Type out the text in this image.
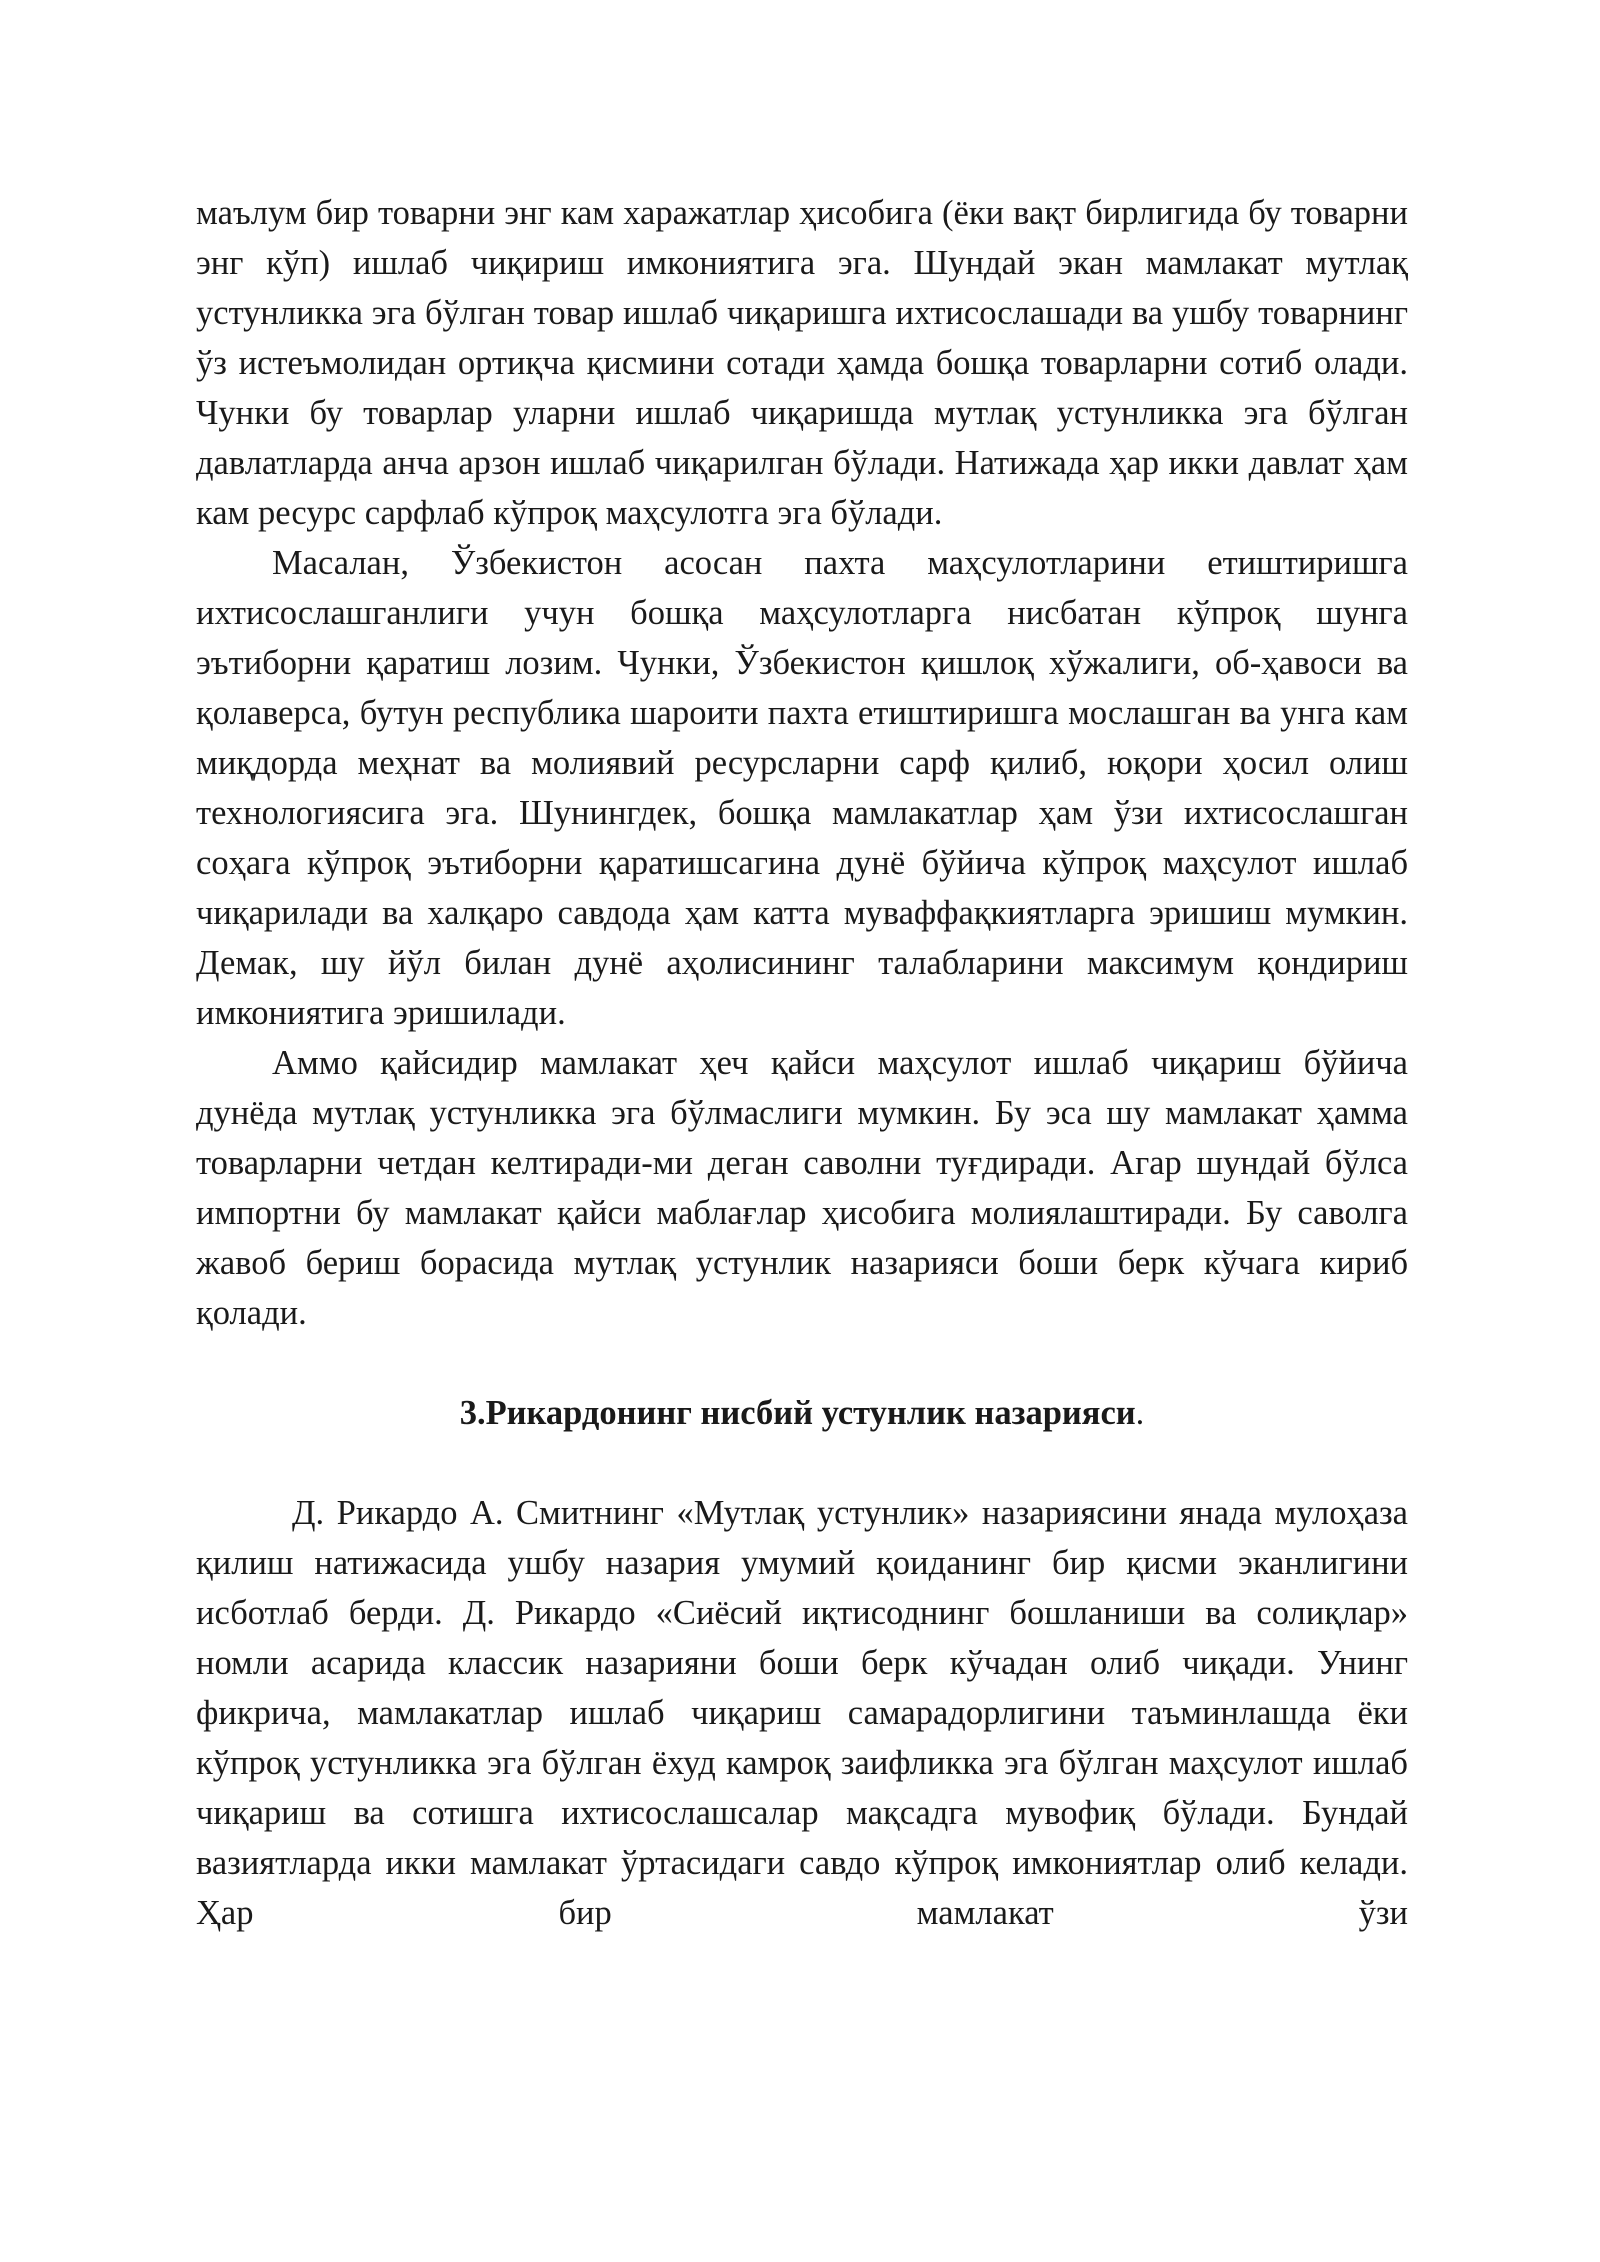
маълум бир товарни энг кам харажатлар ҳисобига (ёки вақт бирлигида бу товарни энг кўп) ишлаб чиқириш имкониятига эга. Шундай экан мамлакат мутлақ устунликка эга бўлган товар ишлаб чиқаришга ихтисослашади ва ушбу товарнинг ўз истеъмолидан ортиқча қисмини сотади ҳамда бошқа товарларни сотиб олади. Чунки бу товарлар уларни ишлаб чиқаришда мутлақ устунликка эга бўлган давлатларда анча арзон ишлаб чиқарилган бўлади. Натижада ҳар икки давлат ҳам кам ресурс сарфлаб кўпроқ маҳсулотга эга бўлади.

Масалан, Ўзбекистон асосан пахта маҳсулотларини етиштиришга ихтисослашганлиги учун бошқа маҳсулотларга нисбатан кўпроқ шунга эътиборни қаратиш лозим. Чунки, Ўзбекистон қишлоқ хўжалиги, об-ҳавоси ва қолаверса, бутун республика шароити пахта етиштиришга мослашган ва унга кам миқдорда меҳнат ва молиявий ресурсларни сарф қилиб, юқори ҳосил олиш технологиясига эга. Шунингдек, бошқа мамлакатлар ҳам ўзи ихтисослашган соҳага кўпроқ эътиборни қаратишсагина дунё бўйича кўпроқ маҳсулот ишлаб чиқарилади ва халқаро савдода ҳам катта муваффақкиятларга эришиш мумкин. Демак, шу йўл билан дунё аҳолисининг талабларини максимум қондириш имкониятига эришилади.

Аммо қайсидир мамлакат ҳеч қайси маҳсулот ишлаб чиқариш бўйича дунёда мутлақ устунликка эга бўлмаслиги мумкин. Бу эса шу мамлакат ҳамма товарларни четдан келтиради-ми деган саволни туғдиради. Агар шундай бўлса импортни бу мамлакат қайси маблағлар ҳисобига молиялаштиради. Бу саволга жавоб бериш борасида мутлақ устунлик назарияси боши берк кўчага кириб қолади.

3.Рикардонинг нисбий устунлик назарияси.

Д. Рикардо А. Смитнинг «Мутлақ устунлик» назариясини янада мулоҳаза қилиш натижасида ушбу назария умумий қоиданинг бир қисми эканлигини исботлаб берди. Д. Рикардо «Сиёсий иқтисоднинг бошланиши ва солиқлар» номли асарида классик назарияни боши берк кўчадан олиб чиқади. Унинг фикрича, мамлакатлар ишлаб чиқариш самарадорлигини таъминлашда ёки кўпроқ устунликка эга бўлган ёхуд камроқ заифликка эга бўлган маҳсулот ишлаб чиқариш ва сотишга ихтисослашсалар мақсадга мувофиқ бўлади. Бундай вазиятларда икки мамлакат ўртасидаги савдо кўпроқ имкониятлар олиб келади. Ҳар бир мамлакат ўзи
